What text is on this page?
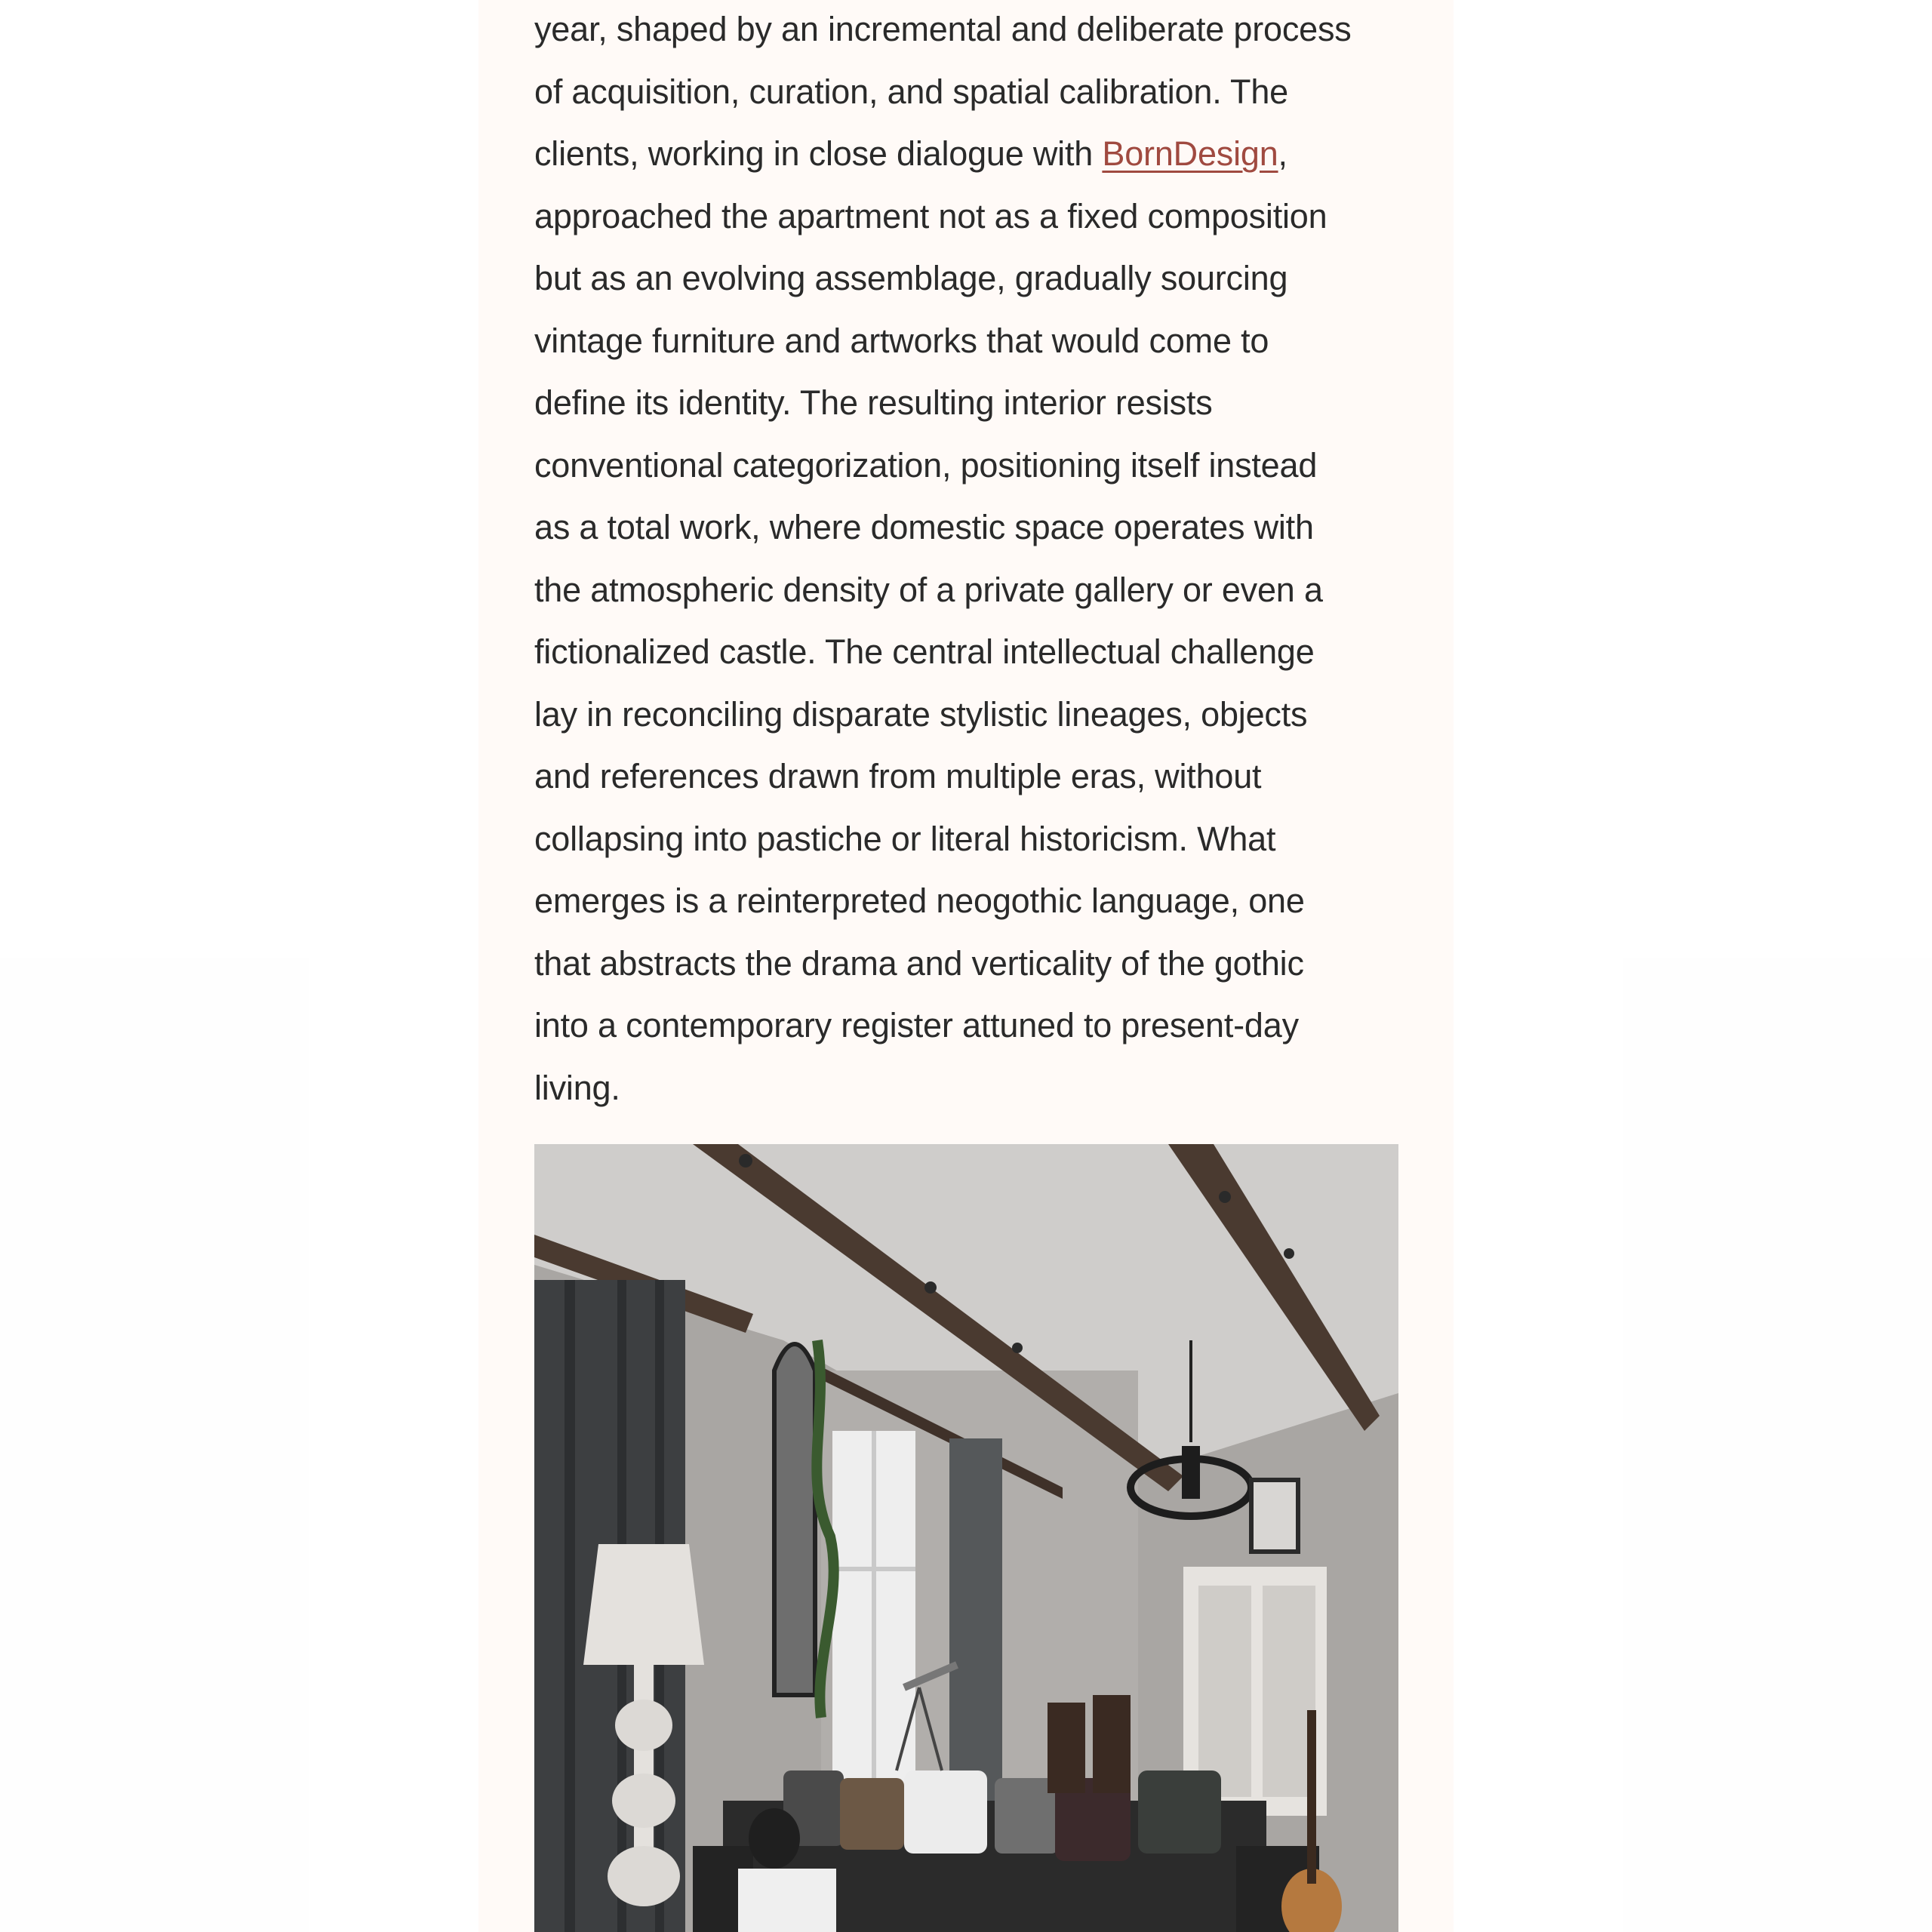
year, shaped by an incremental and deliberate process
of acquisition, curation, and spatial calibration. The
clients, working in close dialogue with BornDesign,
approached the apartment not as a fixed composition
but as an evolving assemblage, gradually sourcing
vintage furniture and artworks that would come to
define its identity. The resulting interior resists
conventional categorization, positioning itself instead
as a total work, where domestic space operates with
the atmospheric density of a private gallery or even a
fictionalized castle. The central intellectual challenge
lay in reconciling disparate stylistic lineages, objects
and references drawn from multiple eras, without
collapsing into pastiche or literal historicism. What
emerges is a reinterpreted neogothic language, one
that abstracts the drama and verticality of the gothic
into a contemporary register attuned to present-day
living.
